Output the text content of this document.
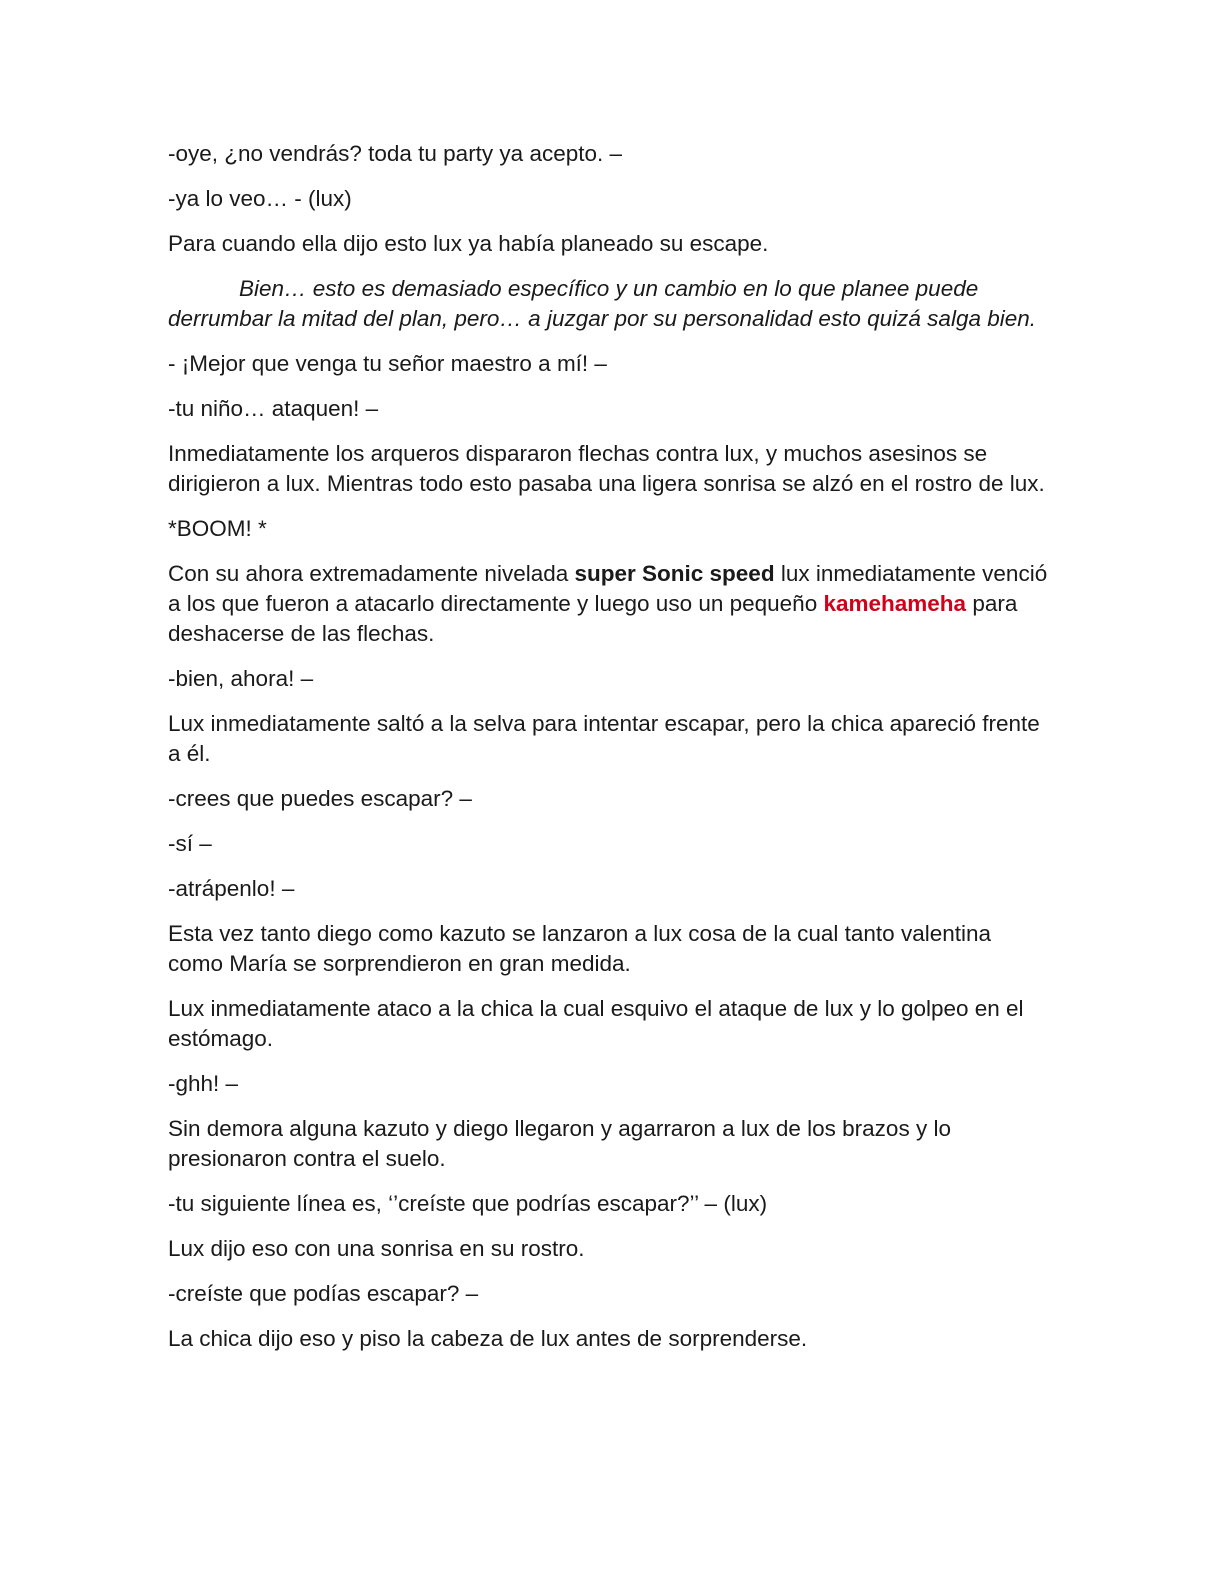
-oye, ¿no vendrás? toda tu party ya acepto. –

-ya lo veo… - (lux)

Para cuando ella dijo esto lux ya había planeado su escape.

Bien… esto es demasiado específico y un cambio en lo que planee puede derrumbar la mitad del plan, pero… a juzgar por su personalidad esto quizá salga bien.

- ¡Mejor que venga tu señor maestro a mí! –

-tu niño… ataquen! –

Inmediatamente los arqueros dispararon flechas contra lux, y muchos asesinos se dirigieron a lux. Mientras todo esto pasaba una ligera sonrisa se alzó en el rostro de lux.

*BOOM! *

Con su ahora extremadamente nivelada super Sonic speed lux inmediatamente venció a los que fueron a atacarlo directamente y luego uso un pequeño kamehameha para deshacerse de las flechas.

-bien, ahora! –

Lux inmediatamente saltó a la selva para intentar escapar, pero la chica apareció frente a él.

-crees que puedes escapar? –

-sí –

-atrápenlo! –

Esta vez tanto diego como kazuto se lanzaron a lux cosa de la cual tanto valentina como María se sorprendieron en gran medida.

Lux inmediatamente ataco a la chica la cual esquivo el ataque de lux y lo golpeo en el estómago.

-ghh! –

Sin demora alguna kazuto y diego llegaron y agarraron a lux de los brazos y lo presionaron contra el suelo.

-tu siguiente línea es, ‘’creíste que podrías escapar?’’ – (lux)

Lux dijo eso con una sonrisa en su rostro.

-creíste que podías escapar? –

La chica dijo eso y piso la cabeza de lux antes de sorprenderse.
